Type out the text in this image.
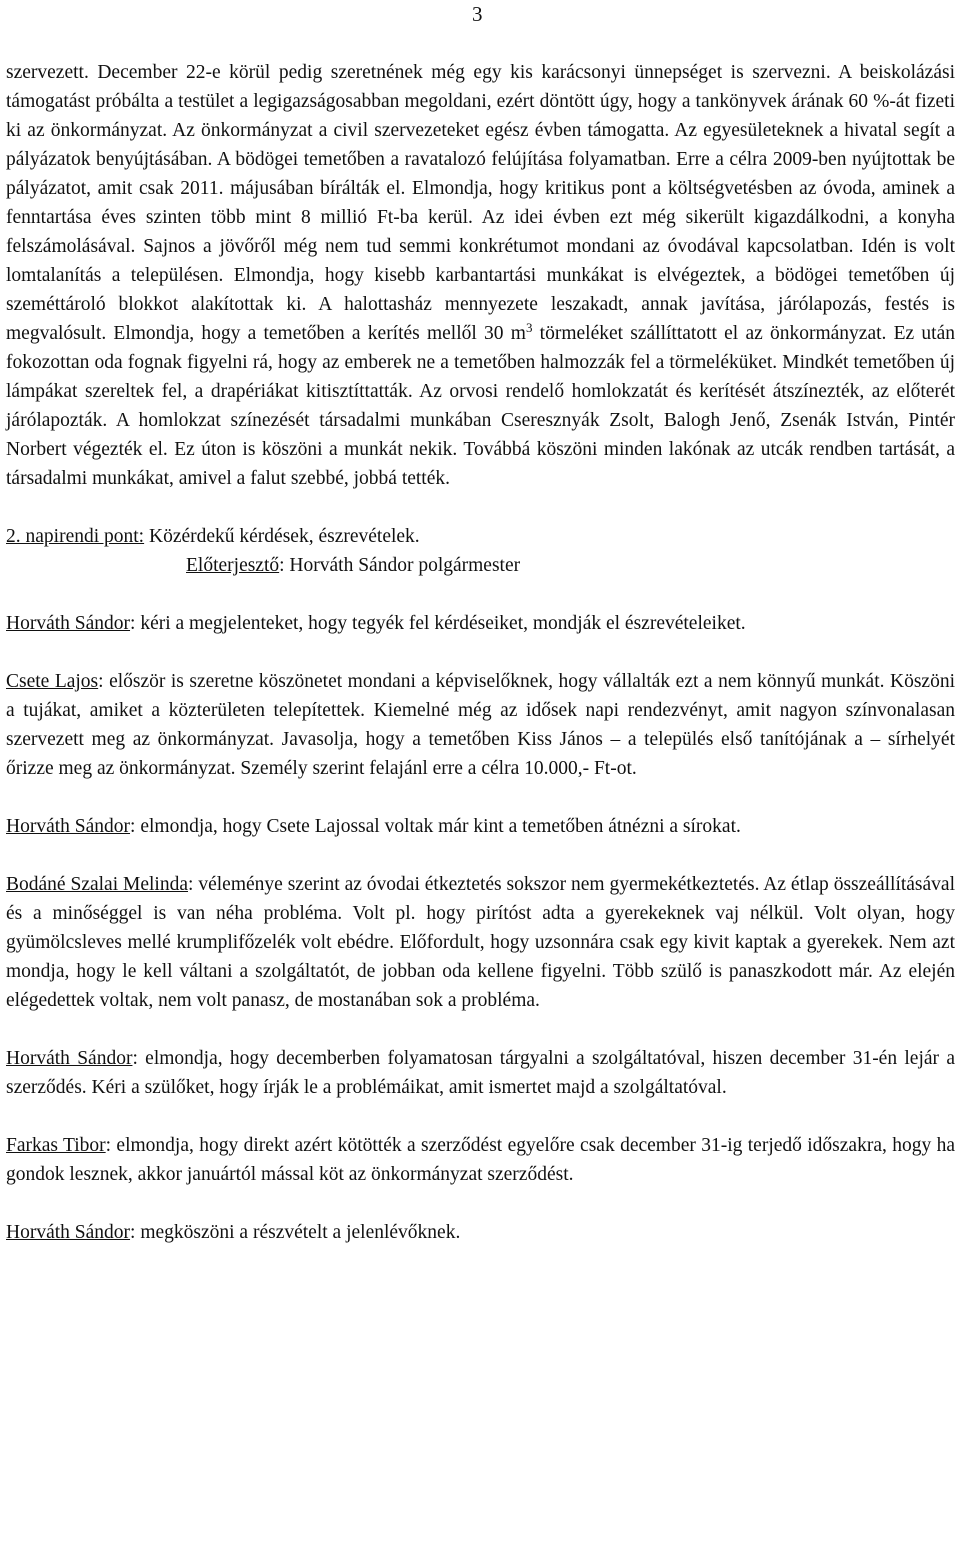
3

szervezett. December 22-e körül pedig szeretnének még egy kis karácsonyi ünnepséget is szervezni. A beiskolázási támogatást próbálta a testület a legigazságosabban megoldani, ezért döntött úgy, hogy a tankönyvek árának 60 %-át fizeti ki az önkormányzat. Az önkormányzat a civil szervezeteket egész évben támogatta. Az egyesületeknek a hivatal segít a pályázatok benyújtásában. A bödögei temetőben a ravatalozó felújítása folyamatban. Erre a célra 2009-ben nyújtottak be pályázatot, amit csak 2011. májusában bírálták el. Elmondja, hogy kritikus pont a költségvetésben az óvoda, aminek a fenntartása éves szinten több mint 8 millió Ft-ba kerül. Az idei évben ezt még sikerült kigazdálkodni, a konyha felszámolásával. Sajnos a jövőről még nem tud semmi konkrétumot mondani az óvodával kapcsolatban. Idén is volt lomtalanítás a településen. Elmondja, hogy kisebb karbantartási munkákat is elvégeztek, a bödögei temetőben új szeméttároló blokkot alakítottak ki. A halottasház mennyezete leszakadt, annak javítása, járólapozás, festés is megvalósult. Elmondja, hogy a temetőben a kerítés mellől 30 $m^3$ törmeléket szállíttatott el az önkormányzat. Ez után fokozottan oda fognak figyelni rá, hogy az emberek ne a temetőben halmozzák fel a törmeléküket. Mindkét temetőben új lámpákat szereltek fel, a drapériákat kitisztíttatták. Az orvosi rendelő homlokzatát és kerítését átszínezték, az előterét járólapozták. A homlokzat színezését társadalmi munkában Cseresznyák Zsolt, Balogh Jenő, Zsenák István, Pintér Norbert végezték el. Ez úton is köszöni a munkát nekik. Továbbá köszöni minden lakónak az utcák rendben tartását, a társadalmi munkákat, amivel a falut szebbé, jobbá tették.

2. napirendi pont: Közérdekű kérdések, észrevételek.

Előterjesztő: Horváth Sándor polgármester

Horváth Sándor: kéri a megjelenteket, hogy tegyék fel kérdéseiket, mondják el észrevételeiket.

Csete Lajos: először is szeretne köszönetet mondani a képviselőknek, hogy vállalták ezt a nem könnyű munkát. Köszöni a tujákat, amiket a közterületen telepítettek. Kiemelné még az idősek napi rendezvényt, amit nagyon színvonalasan szervezett meg az önkormányzat. Javasolja, hogy a temetőben Kiss János – a település első tanítójának a – sírhelyét őrizze meg az önkormányzat. Személy szerint felajánl erre a célra 10.000,- Ft-ot.

Horváth Sándor: elmondja, hogy Csete Lajossal voltak már kint a temetőben átnézni a sírokat.

Bodáné Szalai Melinda: véleménye szerint az óvodai étkeztetés sokszor nem gyermekétkeztetés. Az étlap összeállításával és a minőséggel is van néha probléma. Volt pl. hogy pirítóst adta a gyerekeknek vaj nélkül. Volt olyan, hogy gyümölcsleves mellé krumplifőzelék volt ebédre. Előfordult, hogy uzsonnára csak egy kivit kaptak a gyerekek. Nem azt mondja, hogy le kell váltani a szolgáltatót, de jobban oda kellene figyelni. Több szülő is panaszkodott már. Az elején elégedettek voltak, nem volt panasz, de mostanában sok a probléma.

Horváth Sándor: elmondja, hogy decemberben folyamatosan tárgyalni a szolgáltatóval, hiszen december 31-én lejár a szerződés. Kéri a szülőket, hogy írják le a problémáikat, amit ismertet majd a szolgáltatóval.

Farkas Tibor: elmondja, hogy direkt azért kötötték a szerződést egyelőre csak december 31-ig terjedő időszakra, hogy ha gondok lesznek, akkor januártól mással köt az önkormányzat szerződést.

Horváth Sándor: megköszöni a részvételt a jelenlévőknek.
